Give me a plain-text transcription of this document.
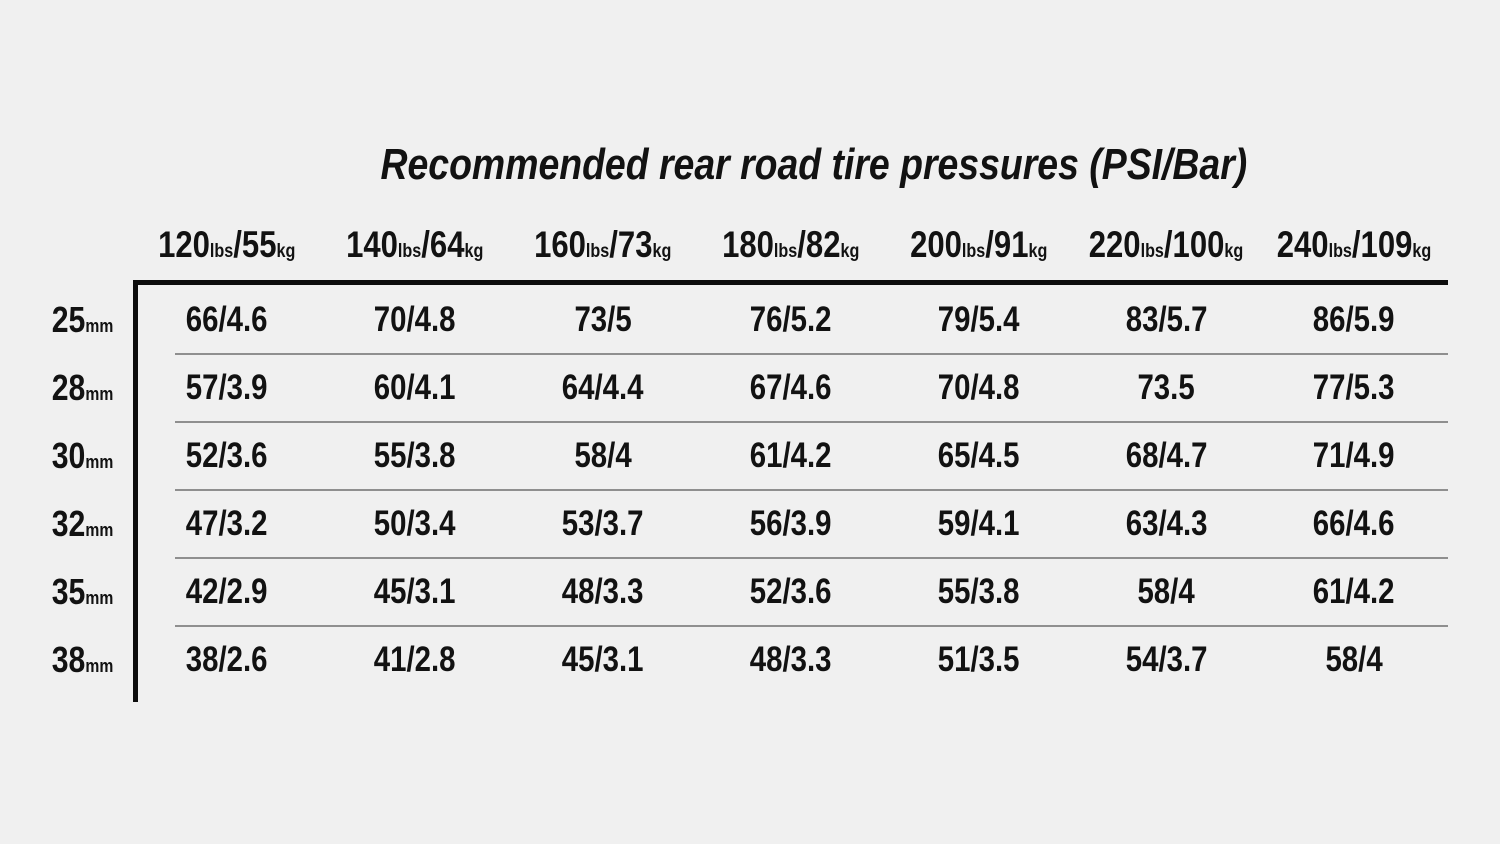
Recommended rear road tire pressures (PSI/Bar)
120lbs/55kg	140lbs/64kg	160lbs/73kg	180lbs/82kg	200lbs/91kg	220lbs/100kg 240lbs/109kg
25mm	66/4.6	70/4.8	73/5	76/5.2	79/5.4	83/5.7	86/5.9
28mm	57/3.9	60/4.1	64/4.4	67/4.6	70/4.8	73.5	77/5.3
30mm	52/3.6	55/3.8	58/4	61/4.2	65/4.5	68/4.7	71/4.9
32mm	47/3.2	50/3.4	53/3.7	56/3.9	59/4.1	63/4.3	66/4.6
35mm	42/2.9	45/3.1	48/3.3	52/3.6	55/3.8	58/4	61/4.2
38mm	38/2.6	41/2.8	45/3.1	48/3.3	51/3.5	54/3.7	58/4
